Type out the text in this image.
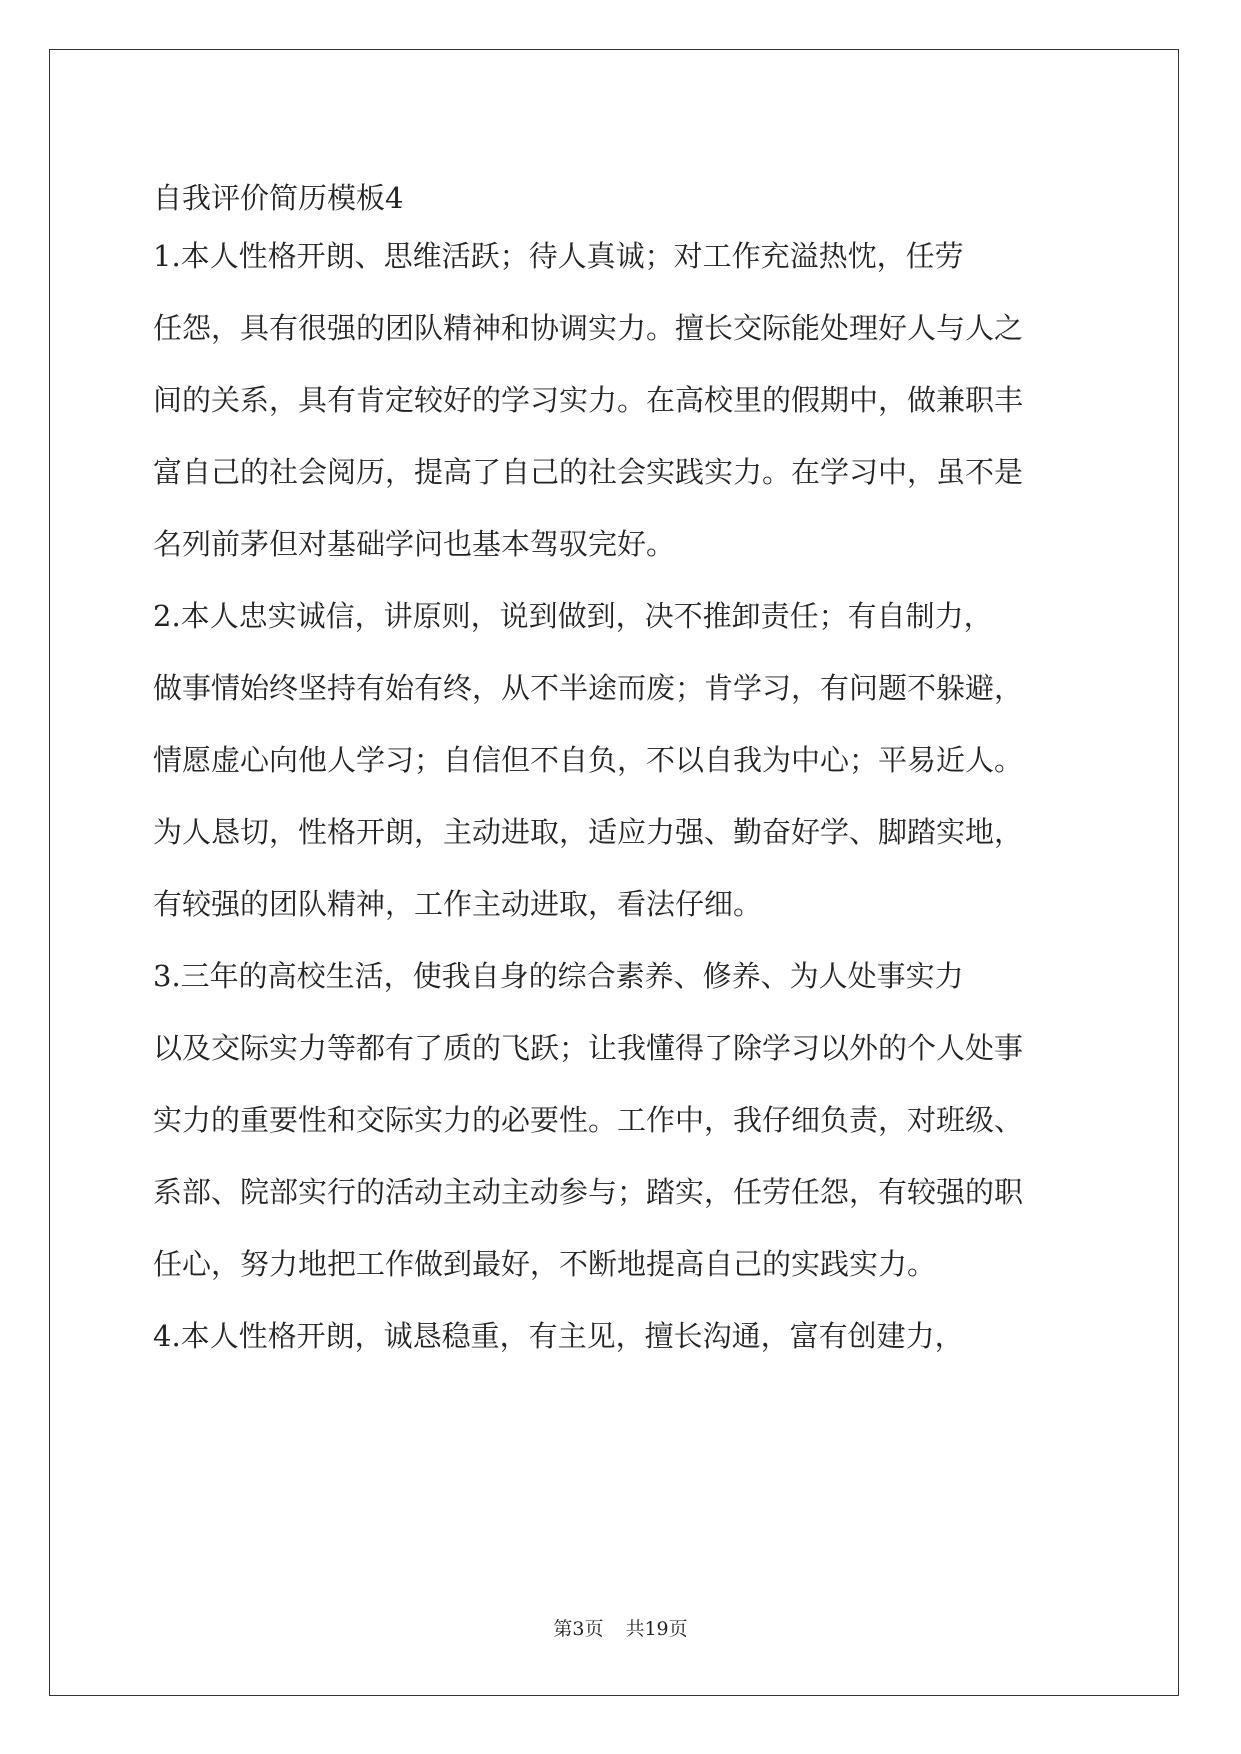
自我评价简历模板4
1.本人性格开朗、思维活跃；待人真诚；对工作充溢热忱，任劳
任怨，具有很强的团队精神和协调实力。擅长交际能处理好人与人之
间的关系，具有肯定较好的学习实力。在高校里的假期中，做兼职丰
富自己的社会阅历，提高了自己的社会实践实力。在学习中，虽不是
名列前茅但对基础学问也基本驾驭完好。
2.本人忠实诚信，讲原则，说到做到，决不推卸责任；有自制力，
做事情始终坚持有始有终，从不半途而废；肯学习，有问题不躲避，
情愿虚心向他人学习；自信但不自负，不以自我为中心；平易近人。
为人恳切，性格开朗，主动进取，适应力强、勤奋好学、脚踏实地，
有较强的团队精神，工作主动进取，看法仔细。
3.三年的高校生活，使我自身的综合素养、修养、为人处事实力
以及交际实力等都有了质的飞跃；让我懂得了除学习以外的个人处事
实力的重要性和交际实力的必要性。工作中，我仔细负责，对班级、
系部、院部实行的活动主动主动参与；踏实，任劳任怨，有较强的职
任心，努力地把工作做到最好，不断地提高自己的实践实力。
4.本人性格开朗，诚恳稳重，有主见，擅长沟通，富有创建力，
第3页 共19页
